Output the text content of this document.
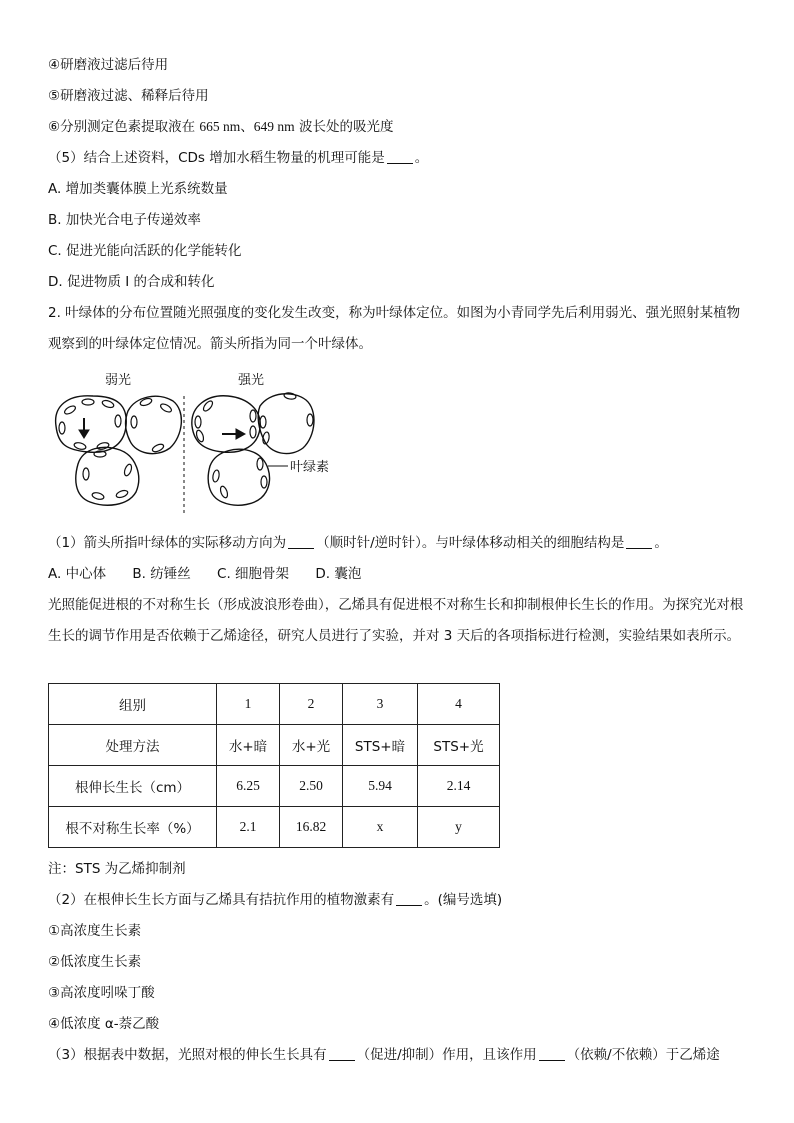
④研磨液过滤后待用
⑤研磨液过滤、稀释后待用
⑥分别测定色素提取液在 665 nm、649 nm 波长处的吸光度
（5）结合上述资料，CDs 增加水稻生物量的机理可能是 。
A. 增加类囊体膜上光系统数量
B. 加快光合电子传递效率
C. 促进光能向活跃的化学能转化
D. 促进物质 I 的合成和转化
2. 叶绿体的分布位置随光照强度的变化发生改变，称为叶绿体定位。如图为小青同学先后利用弱光、强光照射某植物观察到的叶绿体定位情况。箭头所指为同一个叶绿体。
弱光	强光
叶绿素
（1）箭头所指叶绿体的实际移动方向为 （顺时针/逆时针）。与叶绿体移动相关的细胞结构是 。
A. 中心体 B. 纺锤丝 C. 细胞骨架 D. 囊泡
光照能促进根的不对称生长（形成波浪形卷曲），乙烯具有促进根不对称生长和抑制根伸长生长的作用。为探究光对根生长的调节作用是否依赖于乙烯途径，研究人员进行了实验，并对 3 天后的各项指标进行检测，实验结果如表所示。
组别	1	2	3	4
处理方法	水+暗	水+光	STS+暗	STS+光
根伸长生长（cm）	6.25	2.50	5.94	2.14
根不对称生长率（%）	2.1	16.82	x	y
注：STS 为乙烯抑制剂
（2）在根伸长生长方面与乙烯具有拮抗作用的植物激素有 。(编号选填)
①高浓度生长素
②低浓度生长素
③高浓度吲哚丁酸
④低浓度 α-萘乙酸
（3）根据表中数据，光照对根的伸长生长具有 （促进/抑制）作用，且该作用 （依赖/不依赖）于乙烯途
